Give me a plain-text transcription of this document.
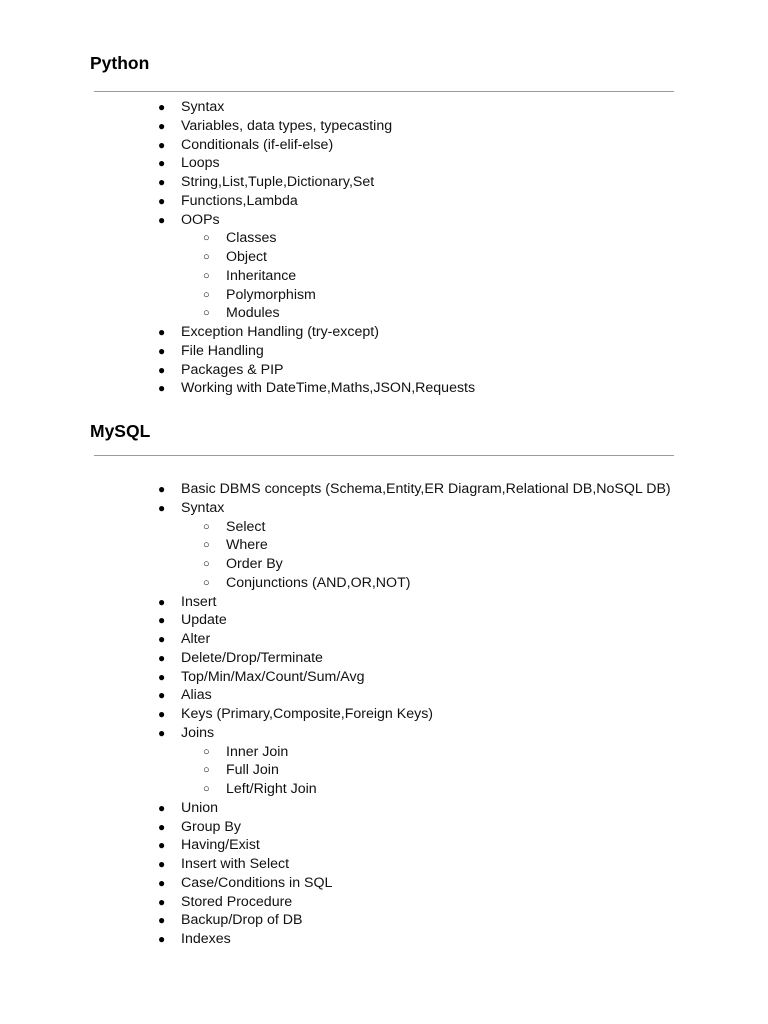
Python
● Syntax
● Variables, data types, typecasting
● Conditionals (if-elif-else)
● Loops
● String,List,Tuple,Dictionary,Set
● Functions,Lambda
● OOPs
○ Classes
○ Object
○ Inheritance
○ Polymorphism
○ Modules
● Exception Handling (try-except)
● File Handling
● Packages & PIP
● Working with DateTime,Maths,JSON,Requests
MySQL
● Basic DBMS concepts (Schema,Entity,ER Diagram,Relational DB,NoSQL DB)
● Syntax
○ Select
○ Where
○ Order By
○ Conjunctions (AND,OR,NOT)
● Insert
● Update
● Alter
● Delete/Drop/Terminate
● Top/Min/Max/Count/Sum/Avg
● Alias
● Keys (Primary,Composite,Foreign Keys)
● Joins
○ Inner Join
○ Full Join
○ Left/Right Join
● Union
● Group By
● Having/Exist
● Insert with Select
● Case/Conditions in SQL
● Stored Procedure
● Backup/Drop of DB
● Indexes
